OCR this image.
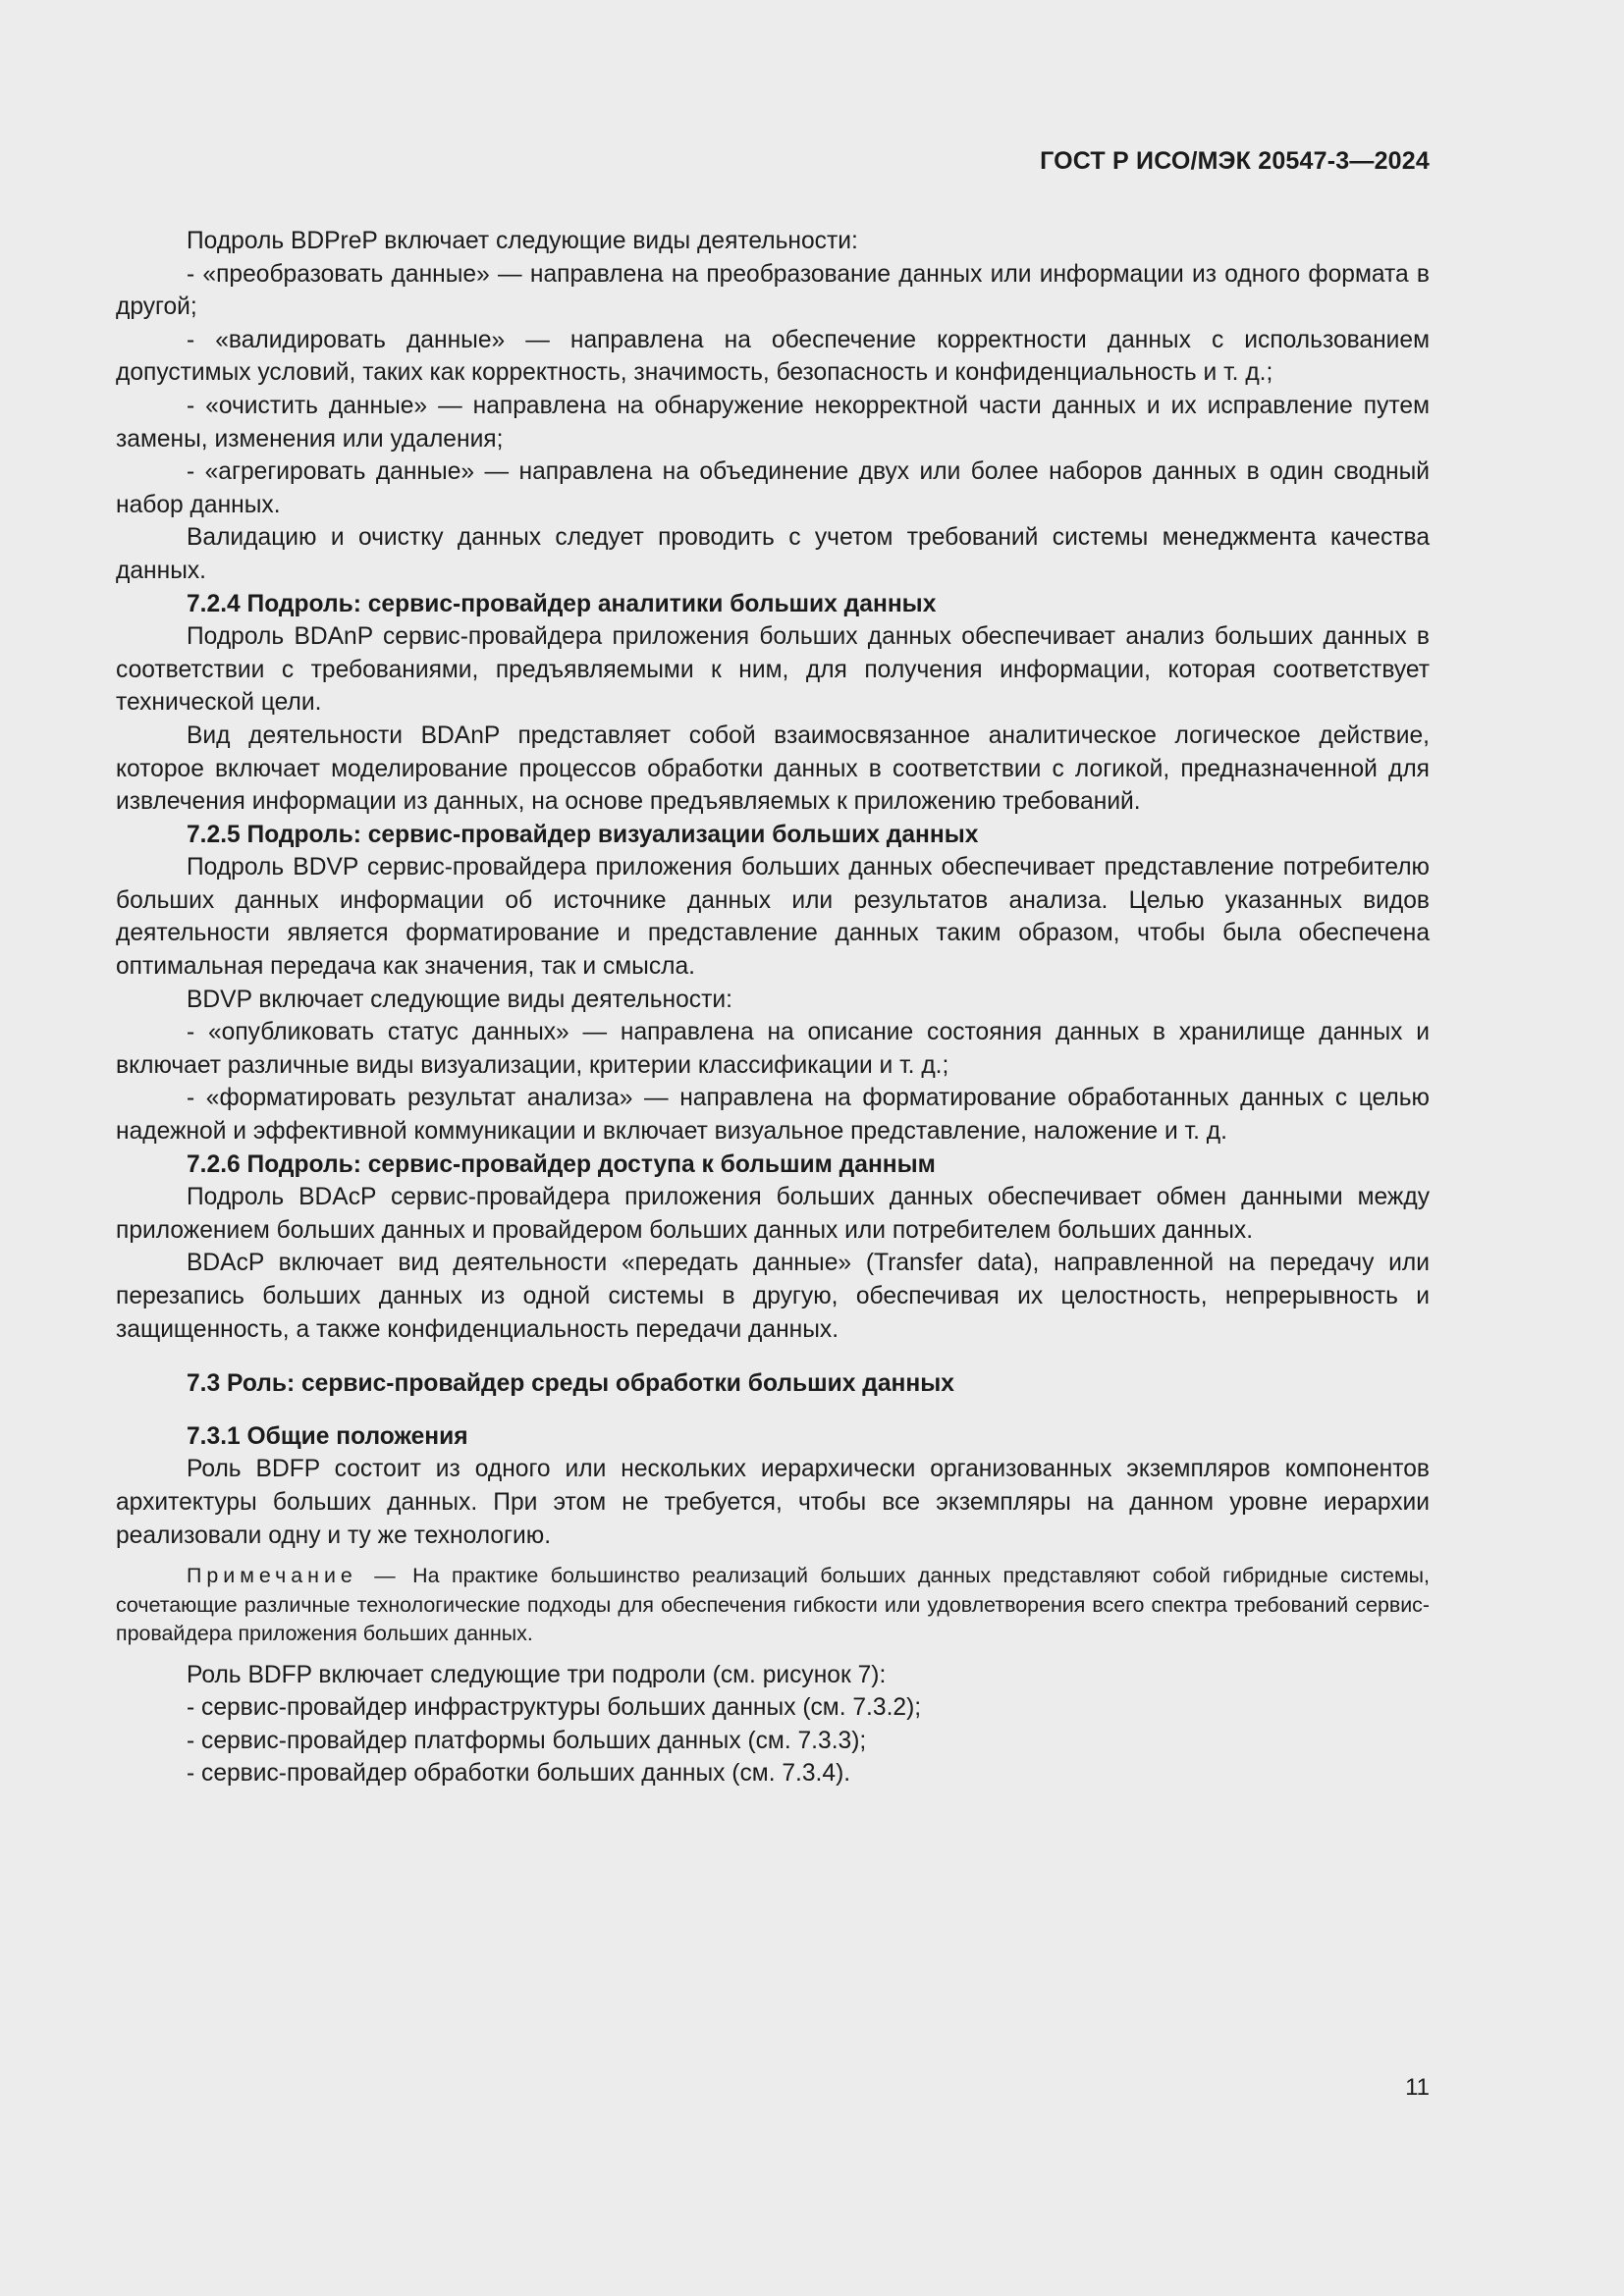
ГОСТ Р ИСО/МЭК 20547-3—2024

Подроль BDPreP включает следующие виды деятельности:

- «преобразовать данные» — направлена на преобразование данных или информации из одного формата в другой;

- «валидировать данные» — направлена на обеспечение корректности данных с использованием допустимых условий, таких как корректность, значимость, безопасность и конфиденциальность и т. д.;

- «очистить данные» — направлена на обнаружение некорректной части данных и их исправление путем замены, изменения или удаления;

- «агрегировать данные» — направлена на объединение двух или более наборов данных в один сводный набор данных.

Валидацию и очистку данных следует проводить с учетом требований системы менеджмента качества данных.

7.2.4 Подроль: сервис-провайдер аналитики больших данных

Подроль BDAnP сервис-провайдера приложения больших данных обеспечивает анализ больших данных в соответствии с требованиями, предъявляемыми к ним, для получения информации, которая соответствует технической цели.

Вид деятельности BDAnP представляет собой взаимосвязанное аналитическое логическое действие, которое включает моделирование процессов обработки данных в соответствии с логикой, предназначенной для извлечения информации из данных, на основе предъявляемых к приложению требований.

7.2.5 Подроль: сервис-провайдер визуализации больших данных

Подроль BDVP сервис-провайдера приложения больших данных обеспечивает представление потребителю больших данных информации об источнике данных или результатов анализа. Целью указанных видов деятельности является форматирование и представление данных таким образом, чтобы была обеспечена оптимальная передача как значения, так и смысла.

BDVP включает следующие виды деятельности:

- «опубликовать статус данных» — направлена на описание состояния данных в хранилище данных и включает различные виды визуализации, критерии классификации и т. д.;

- «форматировать результат анализа» — направлена на форматирование обработанных данных с целью надежной и эффективной коммуникации и включает визуальное представление, наложение и т. д.

7.2.6 Подроль: сервис-провайдер доступа к большим данным

Подроль BDAcP сервис-провайдера приложения больших данных обеспечивает обмен данными между приложением больших данных и провайдером больших данных или потребителем больших данных.

BDAcP включает вид деятельности «передать данные» (Transfer data), направленной на передачу или перезапись больших данных из одной системы в другую, обеспечивая их целостность, непрерывность и защищенность, а также конфиденциальность передачи данных.

7.3 Роль: сервис-провайдер среды обработки больших данных
7.3.1 Общие положения

Роль BDFP состоит из одного или нескольких иерархически организованных экземпляров компонентов архитектуры больших данных. При этом не требуется, чтобы все экземпляры на данном уровне иерархии реализовали одну и ту же технологию.

Примечание — На практике большинство реализаций больших данных представляют собой гибридные системы, сочетающие различные технологические подходы для обеспечения гибкости или удовлетворения всего спектра требований сервис-провайдера приложения больших данных.

Роль BDFP включает следующие три подроли (см. рисунок 7):

- сервис-провайдер инфраструктуры больших данных (см. 7.3.2);

- сервис-провайдер платформы больших данных (см. 7.3.3);

- сервис-провайдер обработки больших данных (см. 7.3.4).

11
